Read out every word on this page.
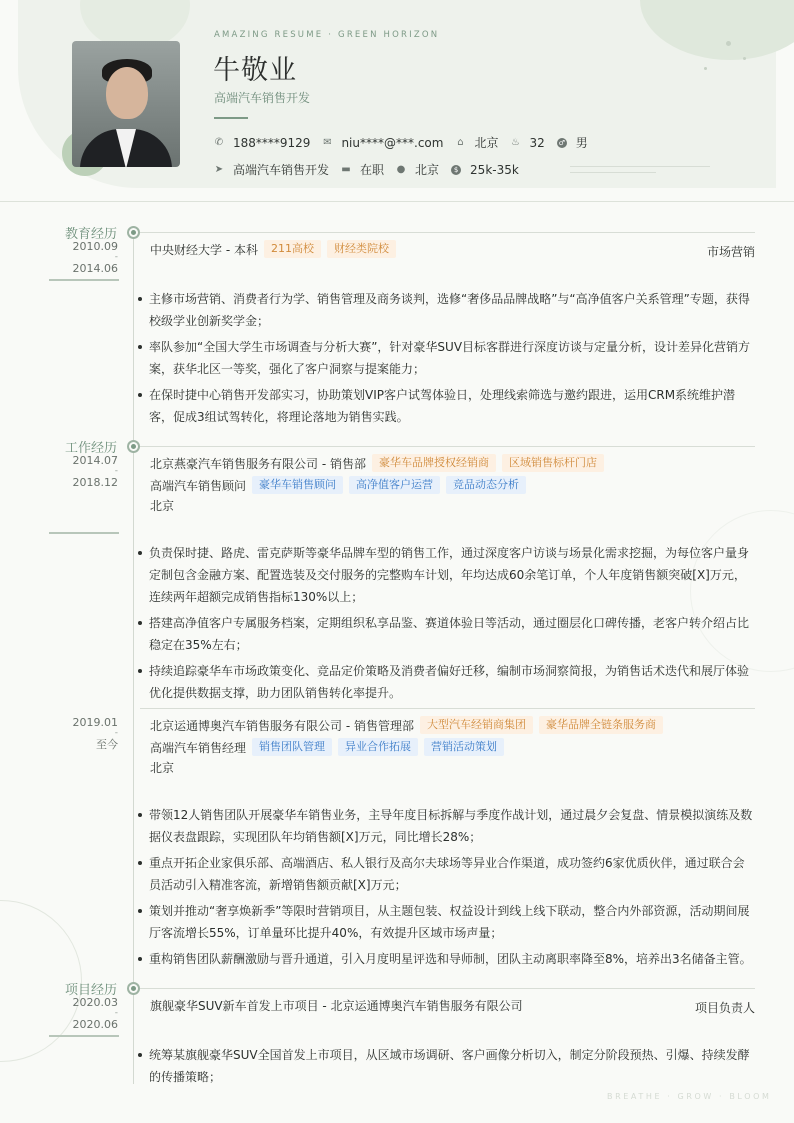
AMAZING RESUME · GREEN HORIZON
牛敬业
高端汽车销售开发
✆ 188****9129 ✉ niu****@***.com ⌂ 北京 ♨ 32 ♂ 男
➤ 高端汽车销售开发 ▬ 在职 ● 北京	$ 25k-35k
教育经历
2010.09
-
2014.06
中央财经大学 - 本科	211高校	财经类院校	市场营销
主修市场营销、消费者行为学、销售管理及商务谈判，选修“奢侈品品牌战略”与“高净值客户关系管理”专题，获得校级学业创新奖学金；
率队参加“全国大学生市场调查与分析大赛”，针对豪华SUV目标客群进行深度访谈与定量分析，设计差异化营销方案，获华北区一等奖，强化了客户洞察与提案能力；
在保时捷中心销售开发部实习，协助策划VIP客户试驾体验日，处理线索筛选与邀约跟进，运用CRM系统维护潜客，促成3组试驾转化，将理论落地为销售实践。
工作经历
2014.07
-
2018.12
北京燕豪汽车销售服务有限公司 - 销售部	豪华车品牌授权经销商	区域销售标杆门店
高端汽车销售顾问	豪华车销售顾问	高净值客户运营	竞品动态分析
北京
负责保时捷、路虎、雷克萨斯等豪华品牌车型的销售工作，通过深度客户访谈与场景化需求挖掘，为每位客户量身定制包含金融方案、配置选装及交付服务的完整购车计划，年均达成60余笔订单，个人年度销售额突破[X]万元，连续两年超额完成销售指标130%以上；
搭建高净值客户专属服务档案，定期组织私享品鉴、赛道体验日等活动，通过圈层化口碑传播，老客户转介绍占比稳定在35%左右；
持续追踪豪华车市场政策变化、竞品定价策略及消费者偏好迁移，编制市场洞察简报，为销售话术迭代和展厅体验优化提供数据支撑，助力团队销售转化率提升。
2019.01
-
至今
北京运通博奥汽车销售服务有限公司 - 销售管理部	大型汽车经销商集团	豪华品牌全链条服务商
高端汽车销售经理	销售团队管理	异业合作拓展	营销活动策划
北京
带领12人销售团队开展豪华车销售业务，主导年度目标拆解与季度作战计划，通过晨夕会复盘、情景模拟演练及数据仪表盘跟踪，实现团队年均销售额[X]万元，同比增长28%；
重点开拓企业家俱乐部、高端酒店、私人银行及高尔夫球场等异业合作渠道，成功签约6家优质伙伴，通过联合会员活动引入精准客流，新增销售额贡献[X]万元；
策划并推动“奢享焕新季”等限时营销项目，从主题包装、权益设计到线上线下联动，整合内外部资源，活动期间展厅客流增长55%，订单量环比提升40%，有效提升区域市场声量；
重构销售团队薪酬激励与晋升通道，引入月度明星评选和导师制，团队主动离职率降至8%，培养出3名储备主管。
项目经历
2020.03
-
2020.06
旗舰豪华SUV新车首发上市项目 - 北京运通博奥汽车销售服务有限公司	项目负责人
统筹某旗舰豪华SUV全国首发上市项目，从区域市场调研、客户画像分析切入，制定分阶段预热、引爆、持续发酵的传播策略；
BREATHE · GROW · BLOOM
